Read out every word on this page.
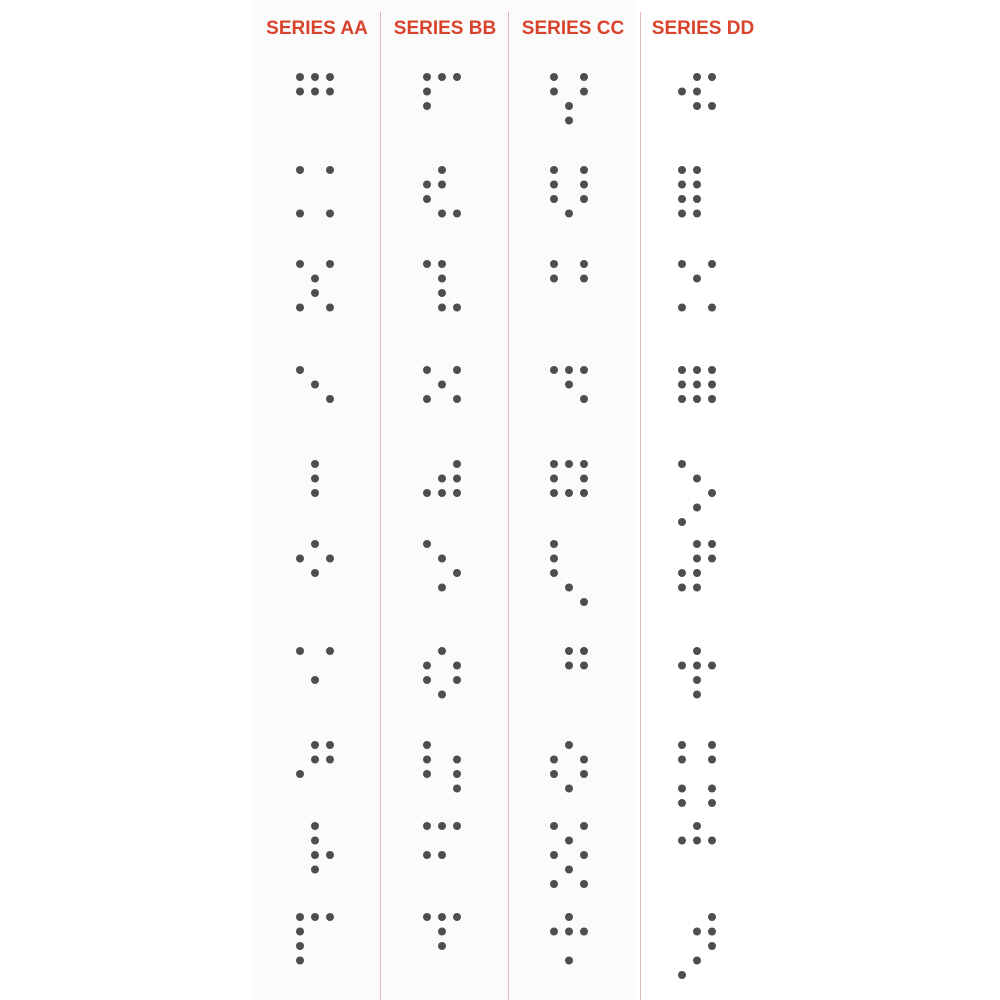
SERIES AA	SERIES BB	SERIES CC	SERIES DD
